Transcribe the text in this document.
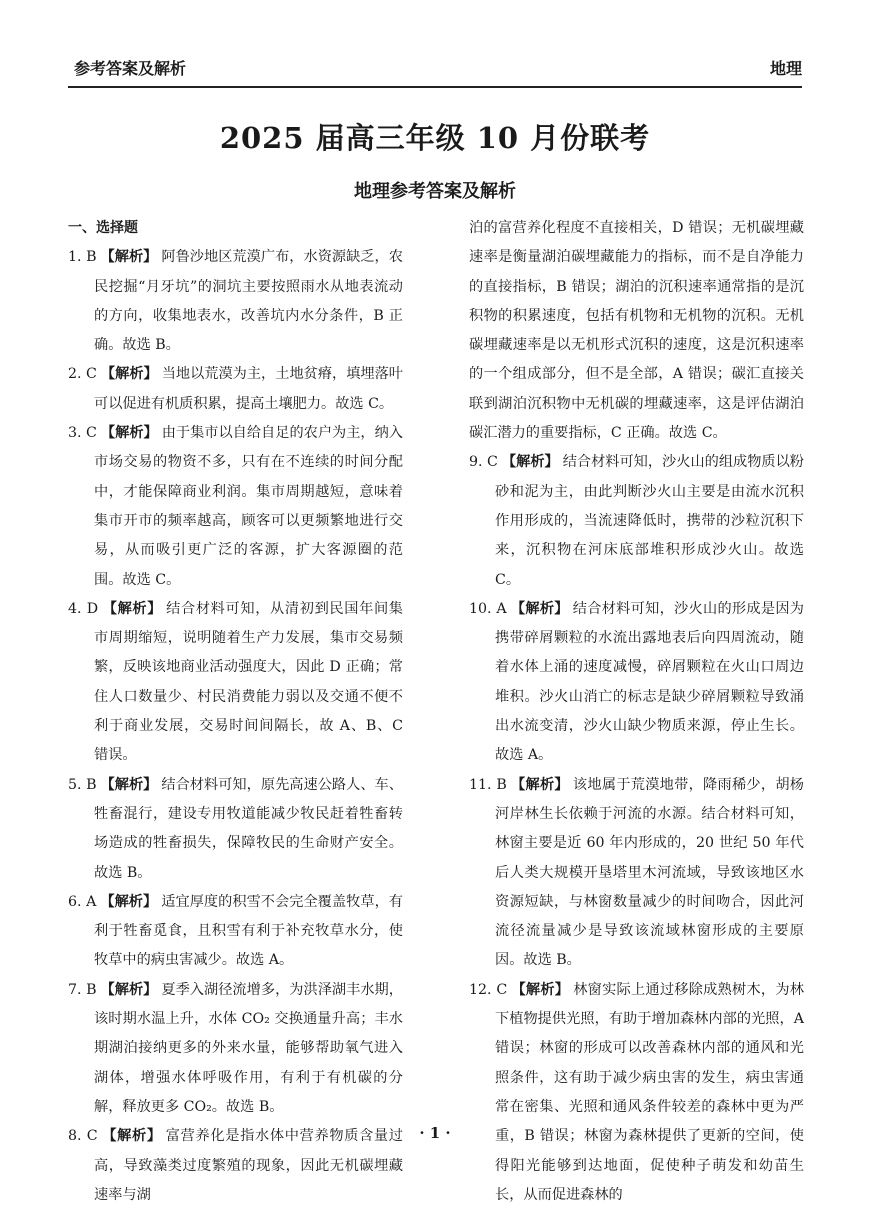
参考答案及解析	地理
2025 届高三年级 10 月份联考
地理参考答案及解析
一、选择题

1. B 【解析】 阿鲁沙地区荒漠广布，水资源缺乏，农民挖掘“月牙坑”的洞坑主要按照雨水从地表流动的方向，收集地表水，改善坑内水分条件，B 正确。故选 B。

2. C 【解析】 当地以荒漠为主，土地贫瘠，填埋落叶可以促进有机质积累，提高土壤肥力。故选 C。

3. C 【解析】 由于集市以自给自足的农户为主，纳入市场交易的物资不多，只有在不连续的时间分配中，才能保障商业利润。集市周期越短，意味着集市开市的频率越高，顾客可以更频繁地进行交易，从而吸引更广泛的客源，扩大客源圈的范围。故选 C。

4. D 【解析】 结合材料可知，从清初到民国年间集市周期缩短，说明随着生产力发展，集市交易频繁，反映该地商业活动强度大，因此 D 正确；常住人口数量少、村民消费能力弱以及交通不便不利于商业发展，交易时间间隔长，故 A、B、C 错误。

5. B 【解析】 结合材料可知，原先高速公路人、车、牲畜混行，建设专用牧道能减少牧民赶着牲畜转场造成的牲畜损失，保障牧民的生命财产安全。故选 B。

6. A 【解析】 适宜厚度的积雪不会完全覆盖牧草，有利于牲畜觅食，且积雪有利于补充牧草水分，使牧草中的病虫害减少。故选 A。

7. B 【解析】 夏季入湖径流增多，为洪泽湖丰水期，该时期水温上升，水体 CO₂ 交换通量升高；丰水期湖泊接纳更多的外来水量，能够帮助氧气进入湖体，增强水体呼吸作用，有利于有机碳的分解，释放更多 CO₂。故选 B。

8. C 【解析】 富营养化是指水体中营养物质含量过高，导致藻类过度繁殖的现象，因此无机碳埋藏速率与湖

泊的富营养化程度不直接相关，D 错误；无机碳埋藏速率是衡量湖泊碳埋藏能力的指标，而不是自净能力的直接指标，B 错误；湖泊的沉积速率通常指的是沉积物的积累速度，包括有机物和无机物的沉积。无机碳埋藏速率是以无机形式沉积的速度，这是沉积速率的一个组成部分，但不是全部，A 错误；碳汇直接关联到湖泊沉积物中无机碳的埋藏速率，这是评估湖泊碳汇潜力的重要指标，C 正确。故选 C。

9. C 【解析】 结合材料可知，沙火山的组成物质以粉砂和泥为主，由此判断沙火山主要是由流水沉积作用形成的，当流速降低时，携带的沙粒沉积下来，沉积物在河床底部堆积形成沙火山。故选 C。

10. A 【解析】 结合材料可知，沙火山的形成是因为携带碎屑颗粒的水流出露地表后向四周流动，随着水体上涌的速度减慢，碎屑颗粒在火山口周边堆积。沙火山消亡的标志是缺少碎屑颗粒导致涌出水流变清，沙火山缺少物质来源，停止生长。故选 A。

11. B 【解析】 该地属于荒漠地带，降雨稀少，胡杨河岸林生长依赖于河流的水源。结合材料可知，林窗主要是近 60 年内形成的，20 世纪 50 年代后人类大规模开垦塔里木河流域，导致该地区水资源短缺，与林窗数量减少的时间吻合，因此河流径流量减少是导致该流域林窗形成的主要原因。故选 B。

12. C 【解析】 林窗实际上通过移除成熟树木，为林下植物提供光照，有助于增加森林内部的光照，A 错误；林窗的形成可以改善森林内部的通风和光照条件，这有助于减少病虫害的发生，病虫害通常在密集、光照和通风条件较差的森林中更为严重，B 错误；林窗为森林提供了更新的空间，使得阳光能够到达地面，促使种子萌发和幼苗生长，从而促进森林的

· 1 ·
